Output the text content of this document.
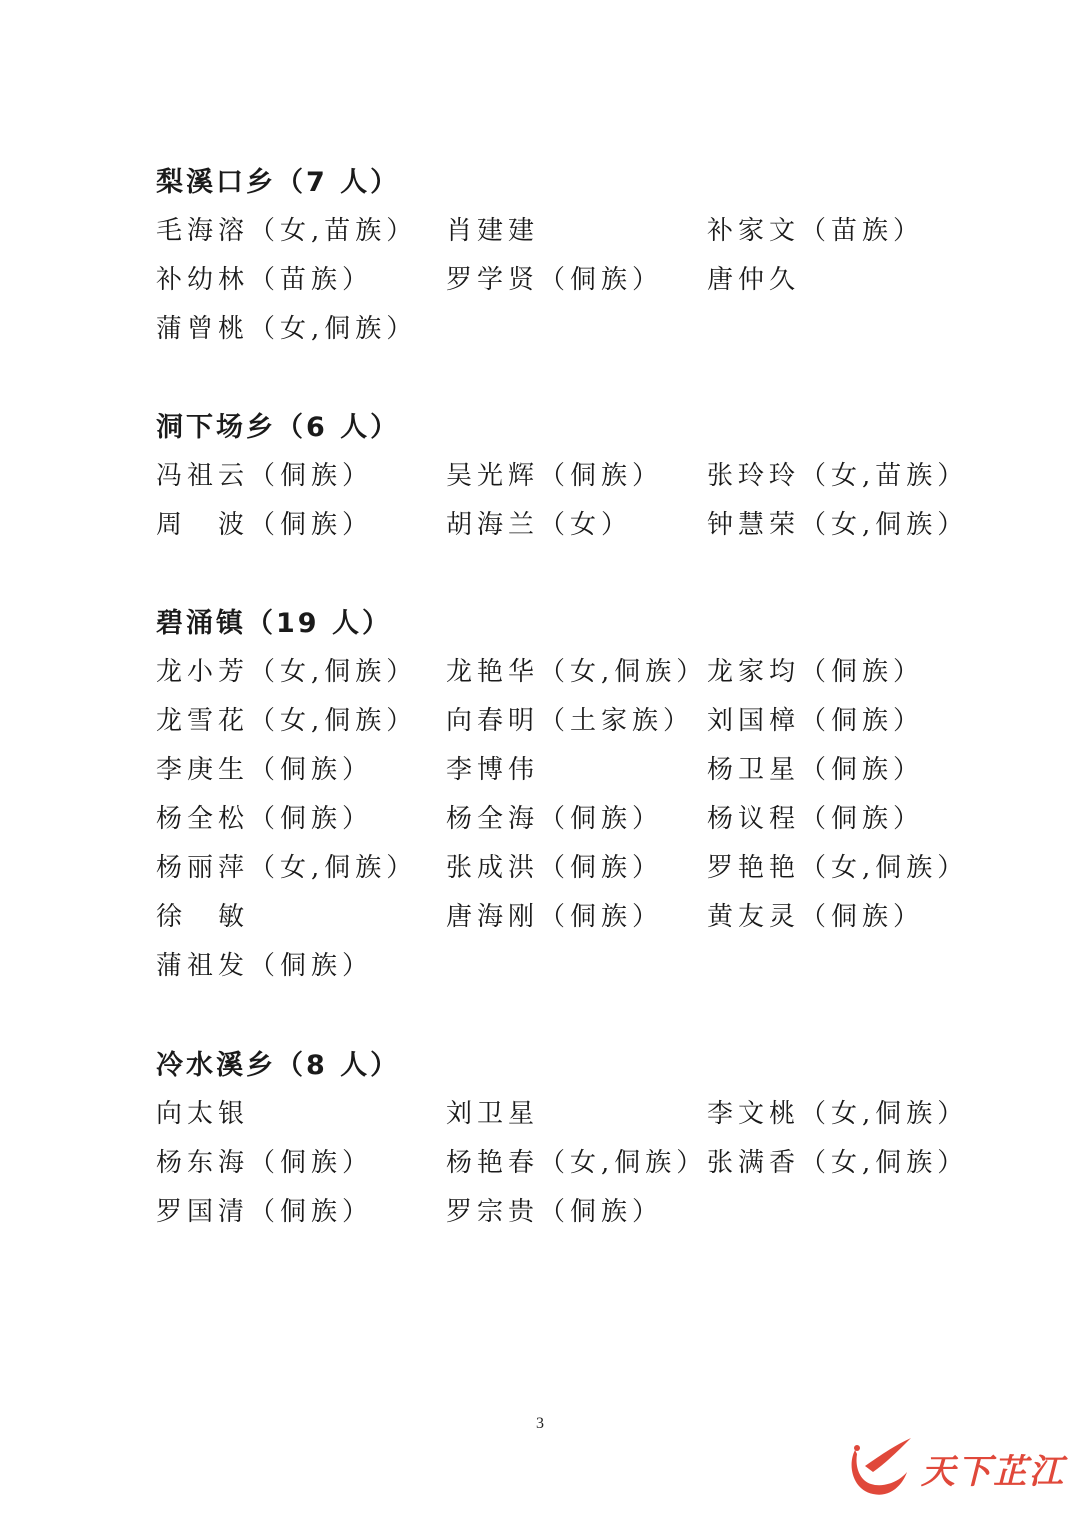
梨溪口乡（7 人）
毛海溶（女,苗族） 肖建建	补家文（苗族）
补幼林（苗族）	罗学贤（侗族） 唐仲久
蒲曾桃（女,侗族）
洞下场乡（6 人）
冯祖云（侗族）	吴光辉（侗族） 张玲玲（女,苗族）
周　波（侗族）	胡海兰（女）	钟慧荣（女,侗族）
碧涌镇（19 人）
龙小芳（女,侗族） 龙艳华（女,侗族） 龙家均（侗族）
龙雪花（女,侗族） 向春明（土家族） 刘国樟（侗族）
李庚生（侗族）	李博伟	杨卫星（侗族）
杨全松（侗族）	杨全海（侗族） 杨议程（侗族）
杨丽萍（女,侗族） 张成洪（侗族） 罗艳艳（女,侗族）
徐　敏	唐海刚（侗族） 黄友灵（侗族）
蒲祖发（侗族）
冷水溪乡（8 人）
向太银	刘卫星	李文桃（女,侗族）
杨东海（侗族）	杨艳春（女,侗族） 张满香（女,侗族）
罗国清（侗族）	罗宗贵（侗族）
3
天下芷江
